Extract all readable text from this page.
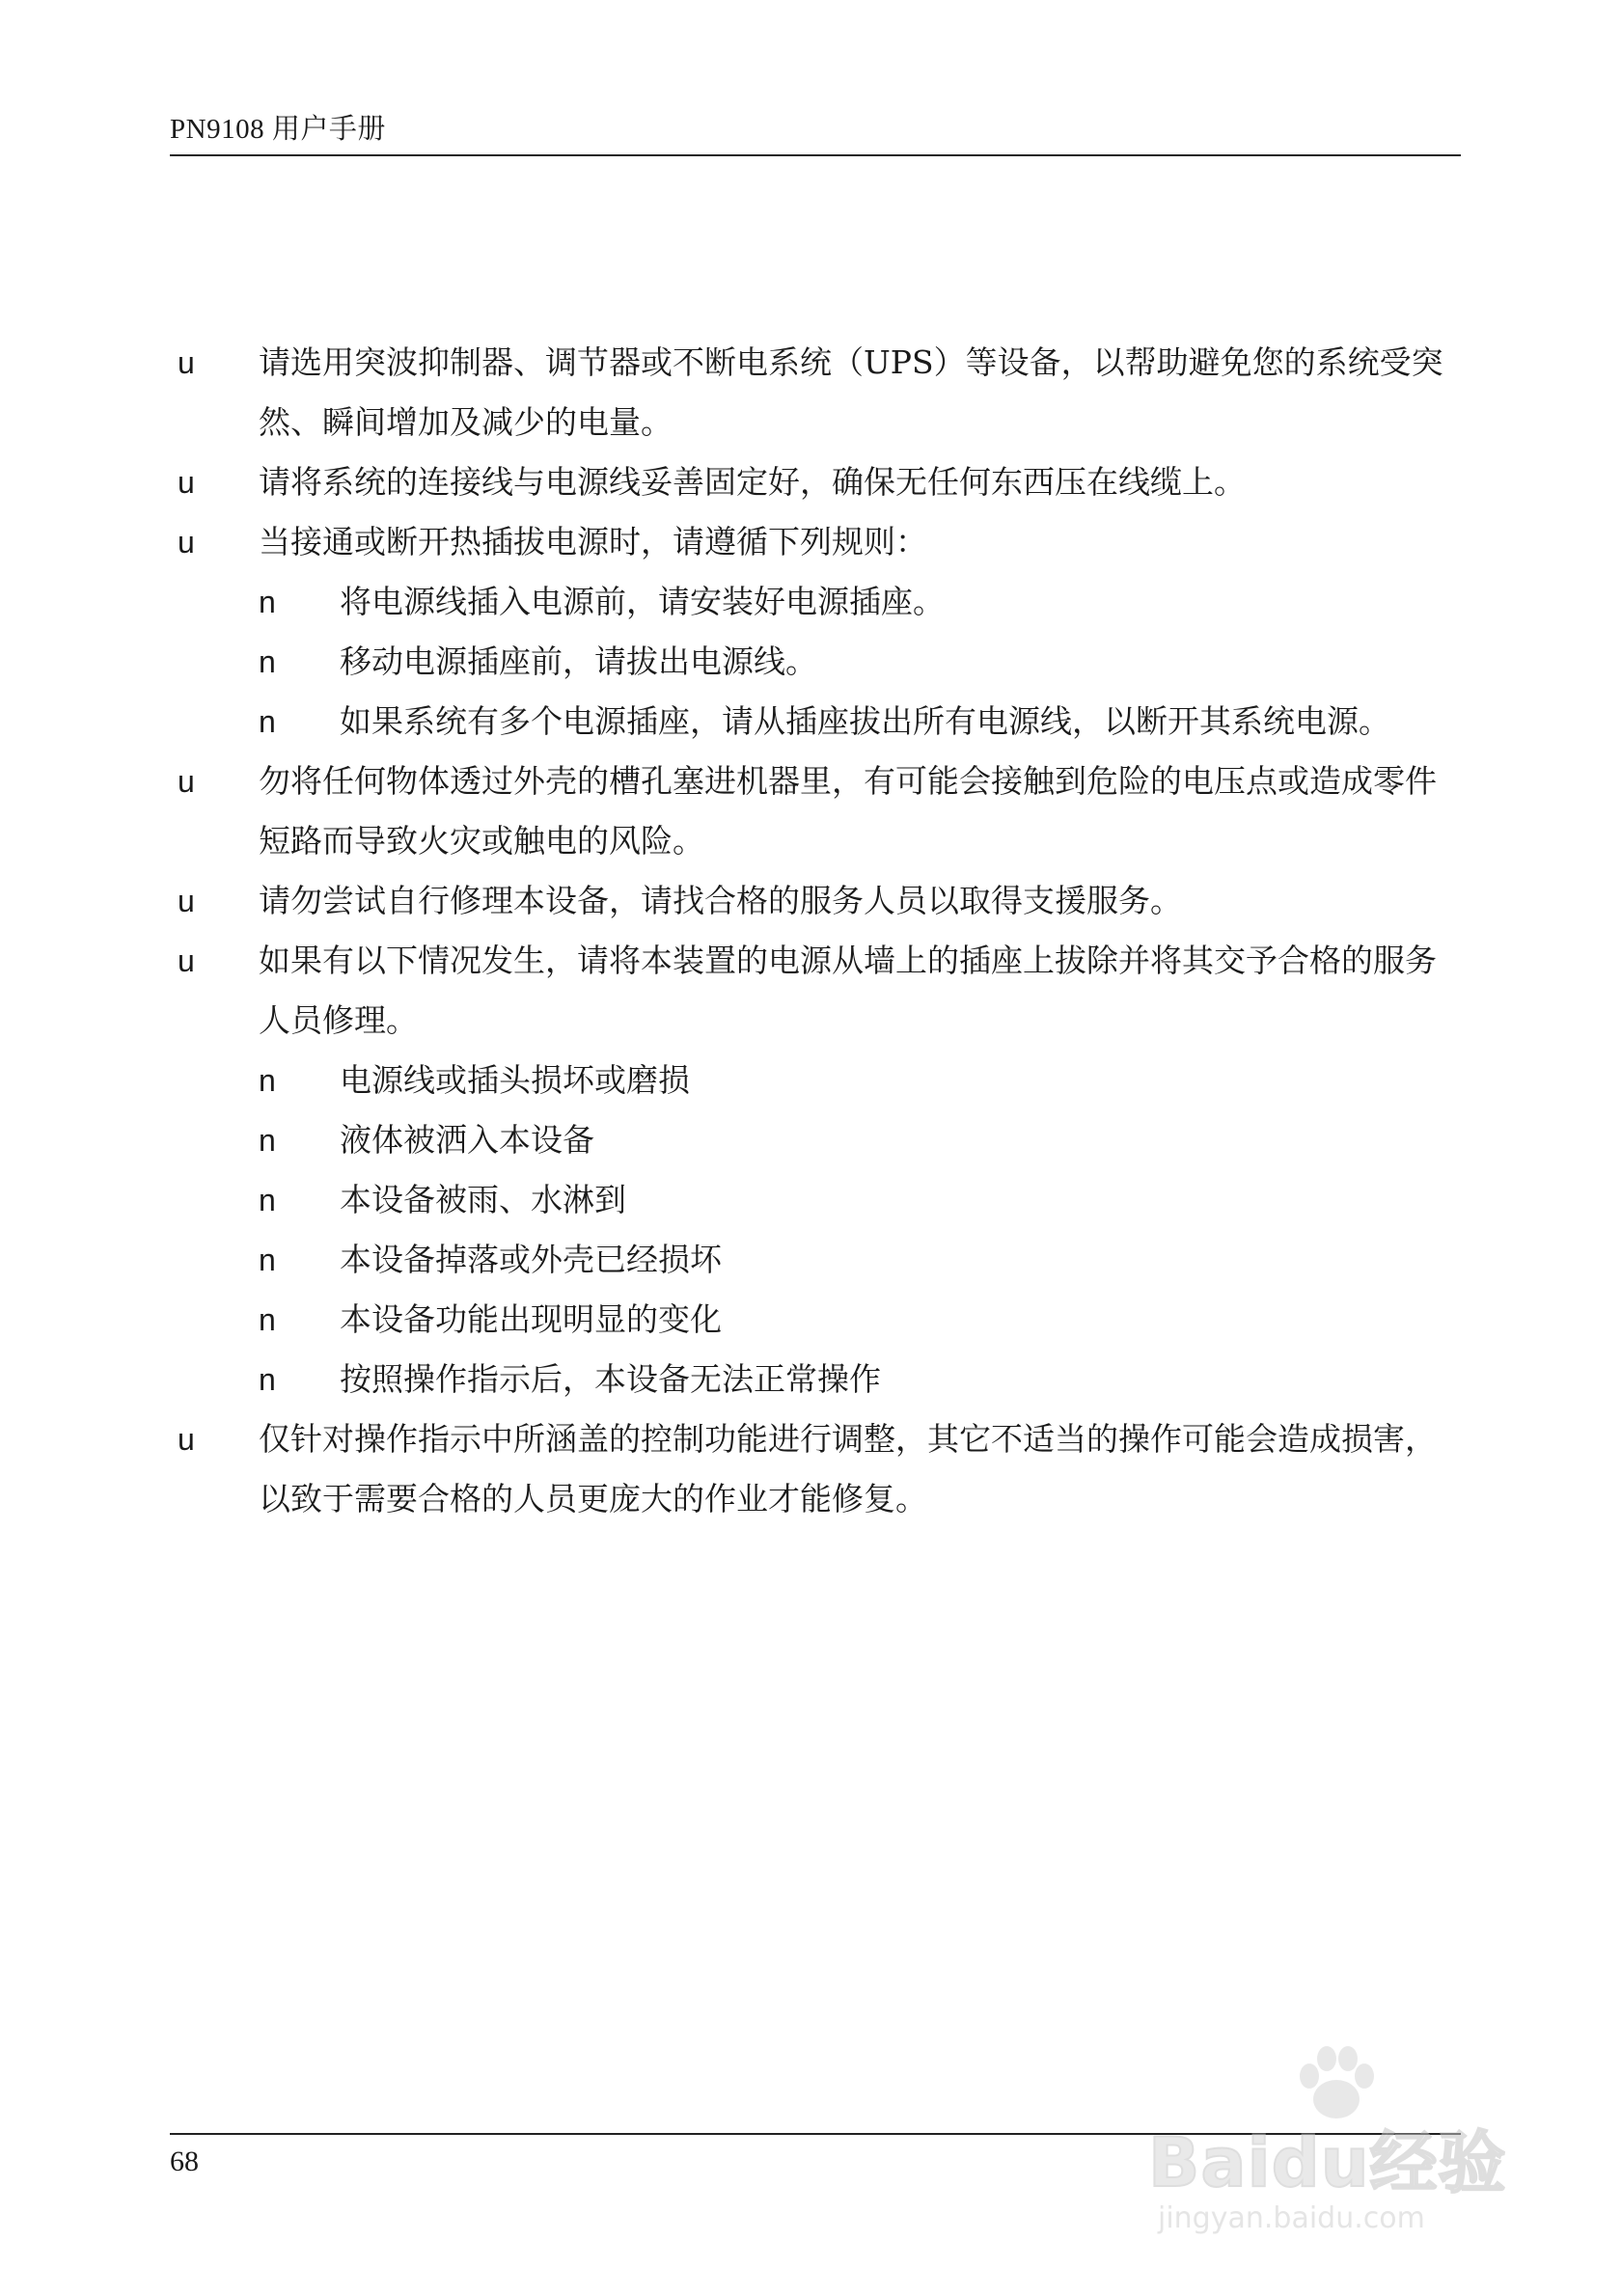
PN9108 用户手册
u 请选用突波抑制器、调节器或不断电系统（UPS）等设备，以帮助避免您的系统受突然、瞬间增加及减少的电量。
u 请将系统的连接线与电源线妥善固定好，确保无任何东西压在线缆上。
u 当接通或断开热插拔电源时，请遵循下列规则：
n 将电源线插入电源前，请安装好电源插座。
n 移动电源插座前，请拔出电源线。
n 如果系统有多个电源插座，请从插座拔出所有电源线，以断开其系统电源。
u 勿将任何物体透过外壳的槽孔塞进机器里，有可能会接触到危险的电压点或造成零件短路而导致火灾或触电的风险。
u 请勿尝试自行修理本设备，请找合格的服务人员以取得支援服务。
u 如果有以下情况发生，请将本装置的电源从墙上的插座上拔除并将其交予合格的服务人员修理。
n 电源线或插头损坏或磨损
n 液体被洒入本设备
n 本设备被雨、水淋到
n 本设备掉落或外壳已经损坏
n 本设备功能出现明显的变化
n 按照操作指示后，本设备无法正常操作
u 仅针对操作指示中所涵盖的控制功能进行调整，其它不适当的操作可能会造成损害，以致于需要合格的人员更庞大的作业才能修复。
68	Baidu经验
jingyan.baidu.com
